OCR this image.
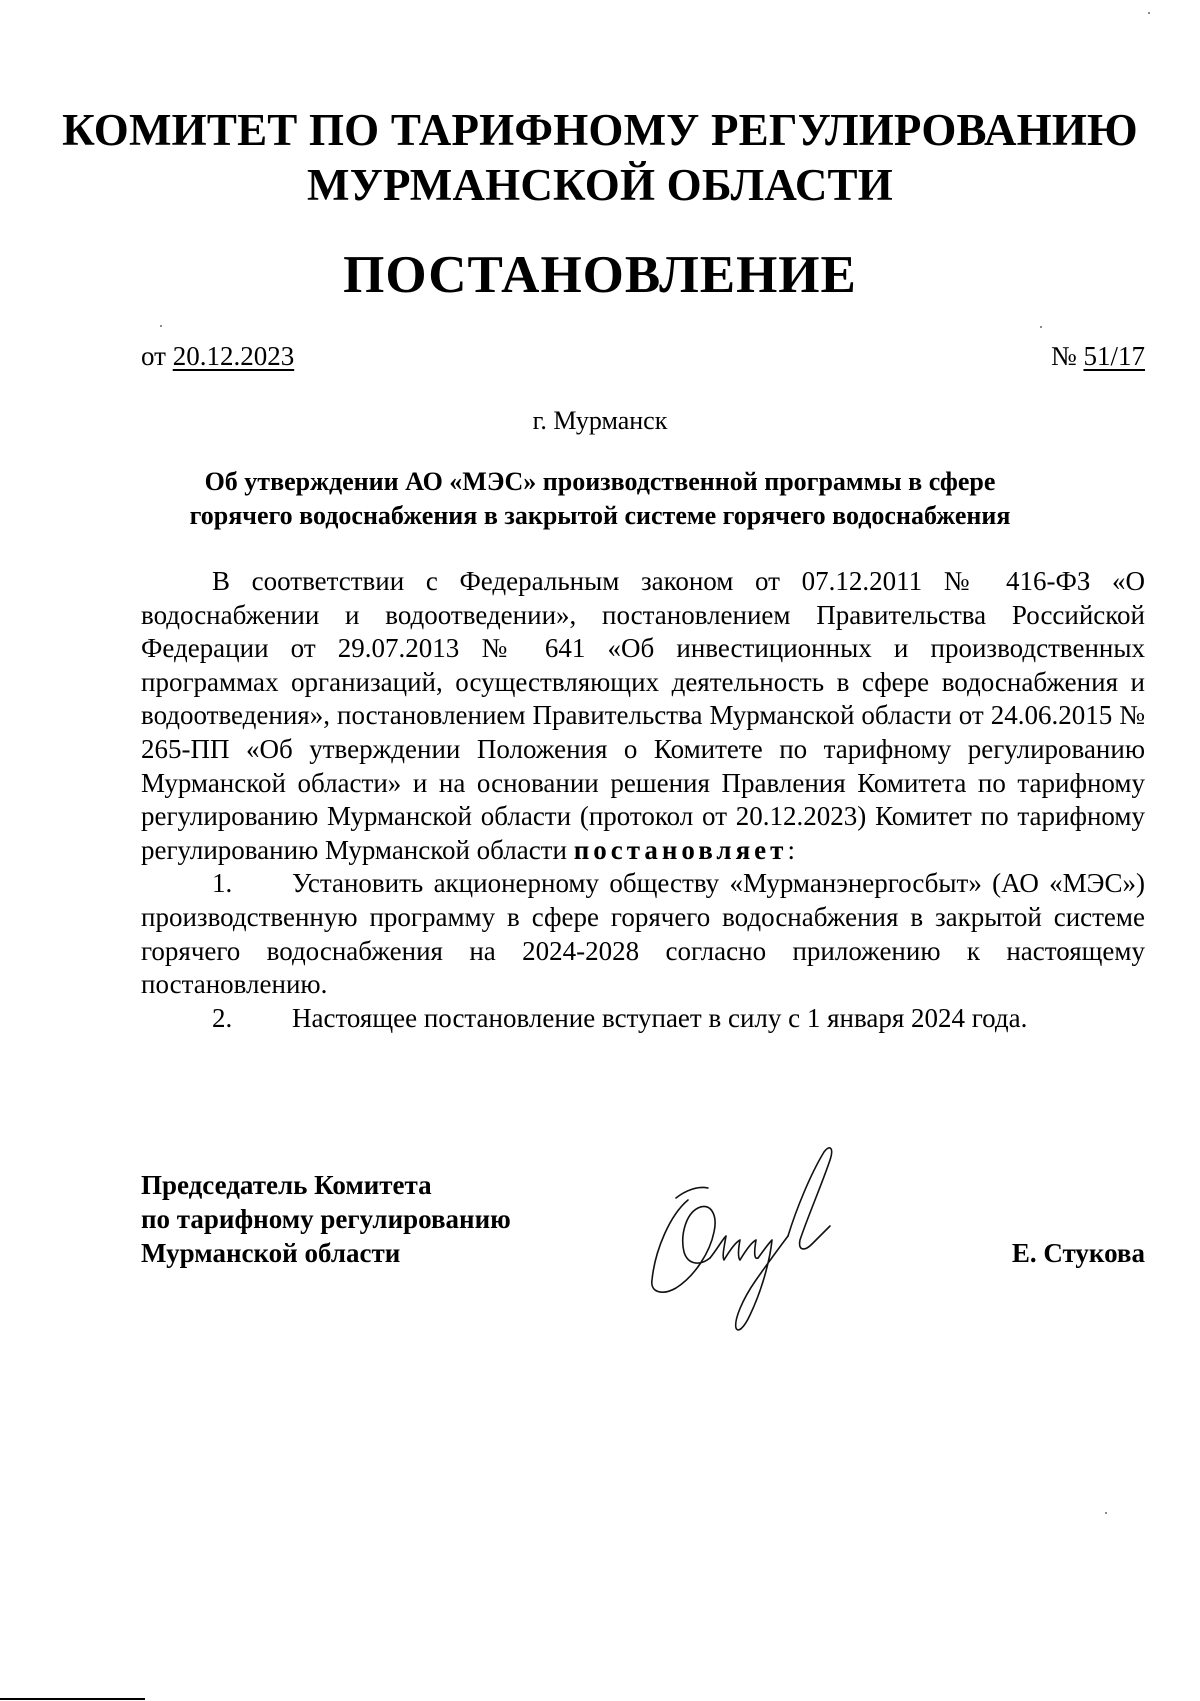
КОМИТЕТ ПО ТАРИФНОМУ РЕГУЛИРОВАНИЮ
МУРМАНСКОЙ ОБЛАСТИ
ПОСТАНОВЛЕНИЕ
от 20.12.2023	№ 51/17
г. Мурманск
Об утверждении АО «МЭС» производственной программы в сфере
горячего водоснабжения в закрытой системе горячего водоснабжения

В соответствии с Федеральным законом от 07.12.2011 № 416-ФЗ «О водоснабжении и водоотведении», постановлением Правительства Российской Федерации от 29.07.2013 № 641 «Об инвестиционных и производственных программах организаций, осуществляющих деятельность в сфере водоснабжения и водоотведения», постановлением Правительства Мурманской области от 24.06.2015 № 265-ПП «Об утверждении Положения о Комитете по тарифному регулированию Мурманской области» и на основании решения Правления Комитета по тарифному регулированию Мурманской области (протокол от 20.12.2023) Комитет по тарифному регулированию Мурманской области постановляет:

1. Установить акционерному обществу «Мурманэнергосбыт» (АО «МЭС») производственную программу в сфере горячего водоснабжения в закрытой системе горячего водоснабжения на 2024-2028 согласно приложению к настоящему постановлению.

2. Настоящее постановление вступает в силу с 1 января 2024 года.

Председатель Комитета
по тарифному регулированию
Мурманской области	Е. Стукова
